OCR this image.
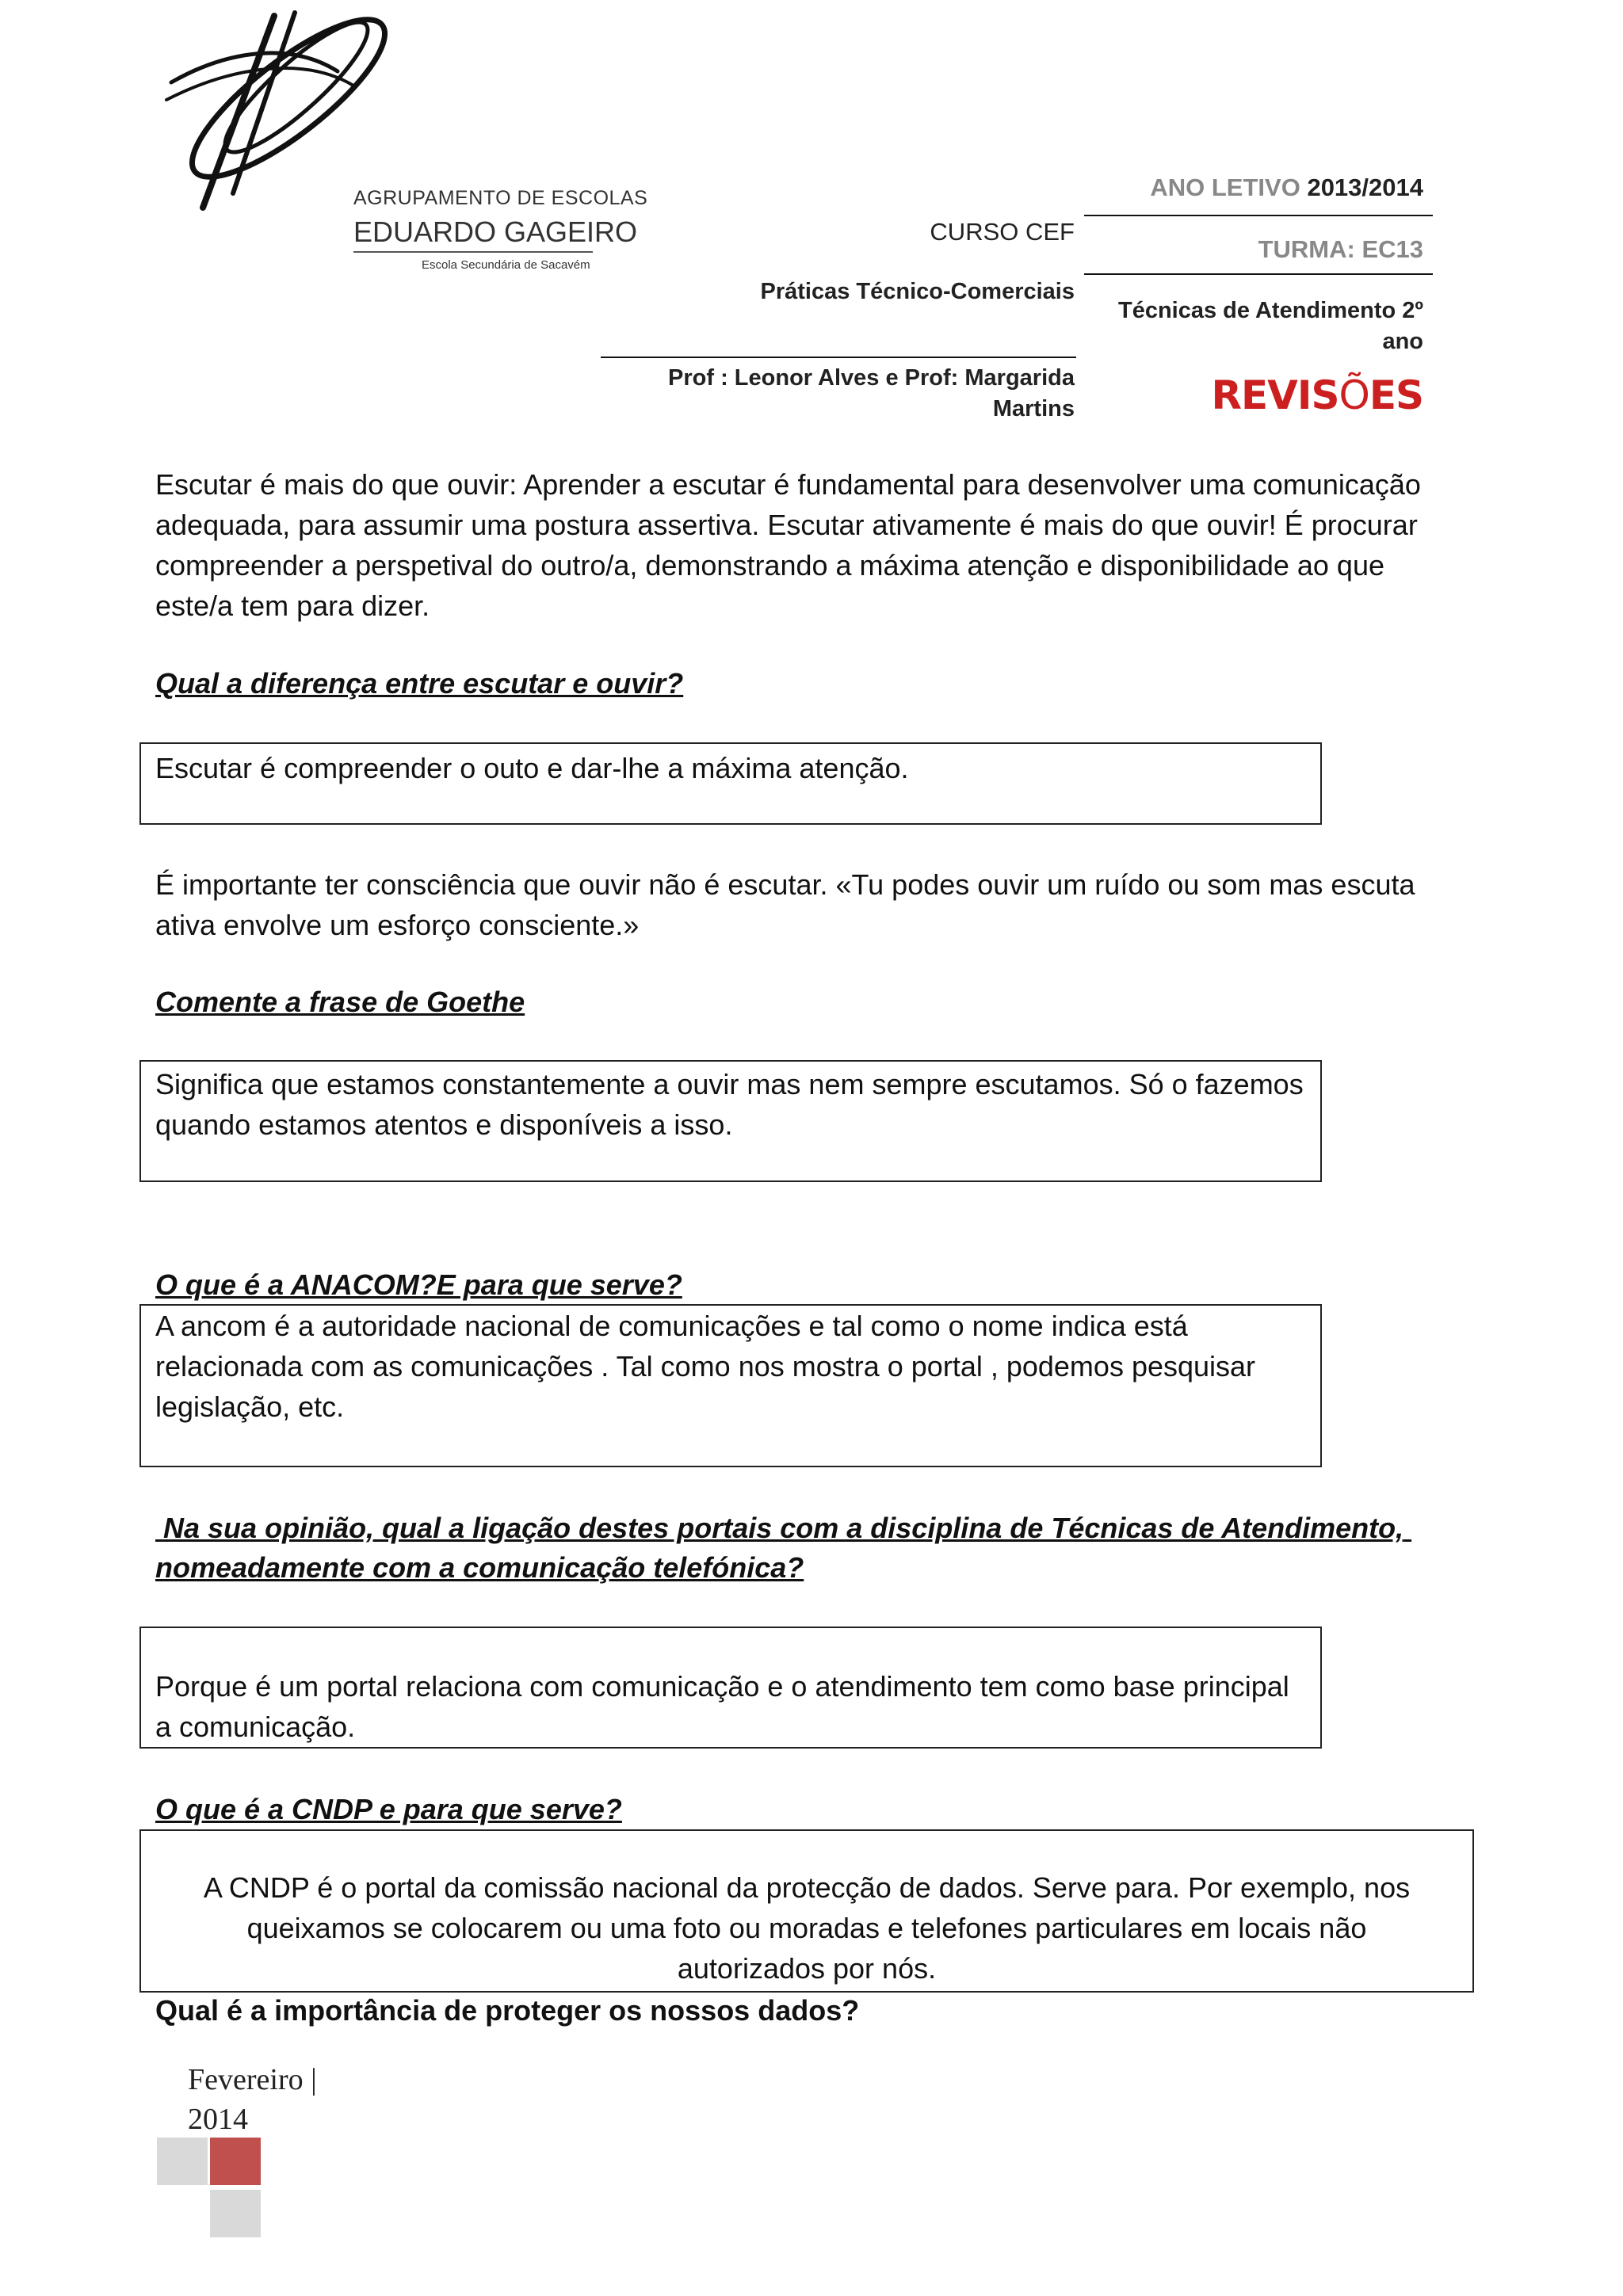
AGRUPAMENTO DE ESCOLAS
EDUARDO GAGEIRO
Escola Secundária de Sacavém
CURSO CEF
Práticas Técnico-Comerciais
Prof : Leonor Alves e Prof: Margarida Martins
ANO LETIVO 2013/2014
TURMA: EC13
Técnicas de Atendimento 2º ano
REVISÕES
Escutar é mais do que ouvir: Aprender a escutar é fundamental para desenvolver uma comunicação adequada, para assumir uma postura assertiva. Escutar ativamente é mais do que ouvir! É procurar compreender a perspetival do outro/a, demonstrando a máxima atenção e disponibilidade ao que este/a tem para dizer.
Qual a diferença entre escutar e ouvir?
Escutar é compreender o outo e dar-lhe a máxima atenção.
É importante ter consciência que ouvir não é escutar. «Tu podes ouvir um ruído ou som mas escuta ativa envolve um esforço consciente.»
Comente a frase de Goethe
Significa que estamos constantemente a ouvir mas nem sempre escutamos. Só o fazemos quando estamos atentos e disponíveis a isso.
O que é a ANACOM?E para que serve?
A ancom é a autoridade nacional de comunicações e tal como o nome indica está relacionada com as comunicações . Tal como nos mostra o portal , podemos pesquisar legislação, etc.
Na sua opinião, qual a ligação destes portais com a disciplina de Técnicas de Atendimento, nomeadamente com a comunicação telefónica?
Porque é um portal relaciona com comunicação e o atendimento tem como base principal a comunicação.
O que é a CNDP e para que serve?
A CNDP é o portal da comissão nacional da protecção de dados. Serve para. Por exemplo, nos queixamos se colocarem ou uma foto ou moradas e telefones particulares em locais não autorizados por nós.
Qual é a importância de proteger os nossos dados?
Fevereiro |
2014
